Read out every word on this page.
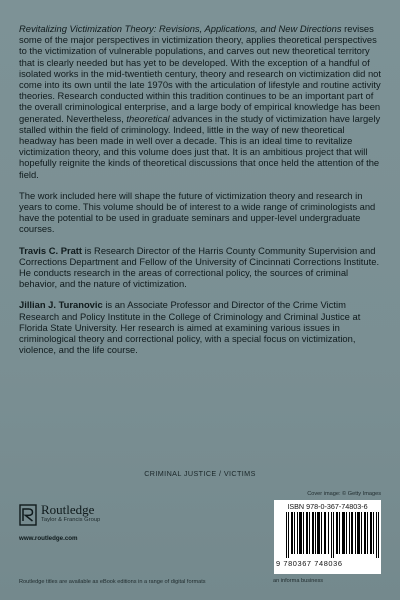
Revitalizing Victimization Theory: Revisions, Applications, and New Directions revises some of the major perspectives in victimization theory, applies theoretical perspectives to the victimization of vulnerable populations, and carves out new theoretical territory that is clearly needed but has yet to be developed. With the exception of a handful of isolated works in the mid-twentieth century, theory and research on victimization did not come into its own until the late 1970s with the articulation of lifestyle and routine activity theories. Research conducted within this tradition continues to be an important part of the overall criminological enterprise, and a large body of empirical knowledge has been generated. Nevertheless, theoretical advances in the study of victimization have largely stalled within the field of criminology. Indeed, little in the way of new theoretical headway has been made in well over a decade. This is an ideal time to revitalize victimization theory, and this volume does just that. It is an ambitious project that will hopefully reignite the kinds of theoretical discussions that once held the attention of the field.

The work included here will shape the future of victimization theory and research in years to come. This volume should be of interest to a wide range of criminologists and have the potential to be used in graduate seminars and upper-level undergraduate courses.

Travis C. Pratt is Research Director of the Harris County Community Supervision and Corrections Department and Fellow of the University of Cincinnati Corrections Institute. He conducts research in the areas of correctional policy, the sources of criminal behavior, and the nature of victimization.

Jillian J. Turanovic is an Associate Professor and Director of the Crime Victim Research and Policy Institute in the College of Criminology and Criminal Justice at Florida State University. Her research is aimed at examining various issues in criminological theory and correctional policy, with a special focus on victimization, violence, and the life course.

CRIMINAL JUSTICE / VICTIMS
Cover image: © Getty Images
Routledge
Taylor & Francis Group
www.routledge.com
ISBN 978-0-367-74803-6
9 780367 748036
an informa business
Routledge titles are available as eBook editions in a range of digital formats
